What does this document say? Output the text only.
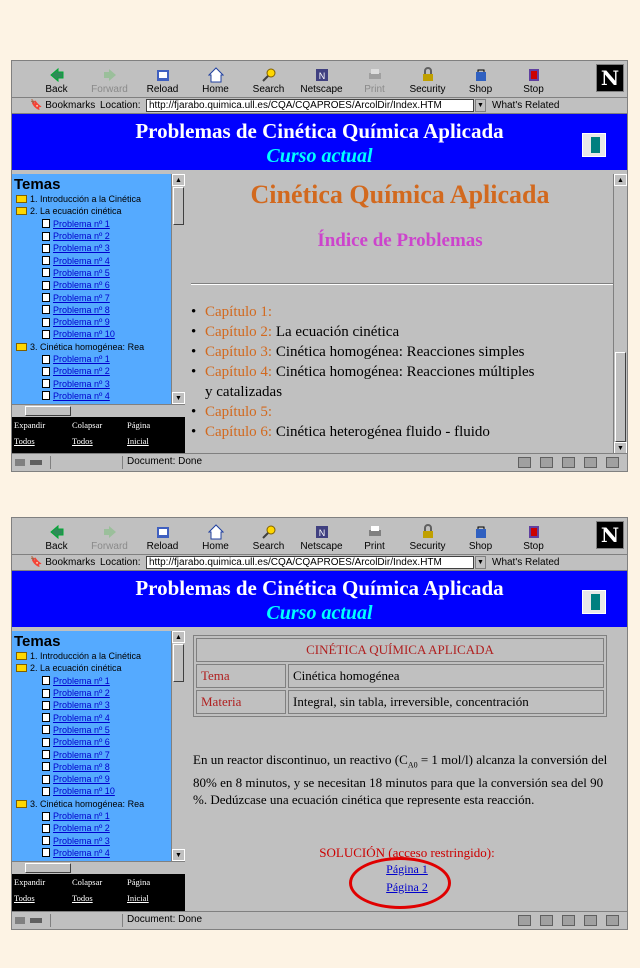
Back Forward Reload Home Search
N
Netscape Print Security Shop	Stop	N
🔖 Bookmarks Location: http://fjarabo.quimica.ull.es/CQA/CQAPROES/ArcolDir/Index.HTM	▼ What's Related
Problemas de Cinética Química Aplicada
Curso actual
Temas
1. Introducción a la Cinética
2. La ecuación cinética
Problema nº 1
Problema nº 2
Problema nº 3
Problema nº 4
Problema nº 5
Problema nº 6
Problema nº 7
Problema nº 8
Problema nº 9
Problema nº 10
3. Cinética homogénea: Rea
Problema nº 1
Problema nº 2
Problema nº 3
Problema nº 4
▲
▼
Expandir
Todos
Colapsar
Todos
Página
Inicial
Cinética Química Aplicada
Índice de Problemas
• Capítulo 1:
• Capítulo 2: La ecuación cinética
• Capítulo 3: Cinética homogénea: Reacciones simples
• Capítulo 4: Cinética homogénea: Reacciones múltiples
y catalizadas
• Capítulo 5:
• Capítulo 6: Cinética heterogénea fluido - fluido
▲
▼
Document: Done
Back Forward Reload Home Search
N
Netscape Print Security Shop	Stop	N
🔖 Bookmarks Location: http://fjarabo.quimica.ull.es/CQA/CQAPROES/ArcolDir/Index.HTM	▼ What's Related
Problemas de Cinética Química Aplicada
Curso actual
Temas
1. Introducción a la Cinética
2. La ecuación cinética
Problema nº 1
Problema nº 2
Problema nº 3
Problema nº 4
Problema nº 5
Problema nº 6
Problema nº 7
Problema nº 8
Problema nº 9
Problema nº 10
3. Cinética homogénea: Rea
Problema nº 1
Problema nº 2
Problema nº 3
Problema nº 4
▲
▼
Expandir
Todos
Colapsar
Todos
Página
Inicial
CINÉTICA QUÍMICA APLICADA	
Tema	Cinética homogénea
Materia	Integral, sin tabla, irreversible, concentración
En un reactor discontinuo, un reactivo ($C_{A0} = 1$ mol/l) alcanza la conversión del 80% en 8 minutos, y se necesitan 18 minutos para que la conversión sea del 90 %. Dedúzcase una ecuación cinética que represente esta reacción.
SOLUCIÓN (acceso restringido):
Página 1
Página 2
Document: Done
